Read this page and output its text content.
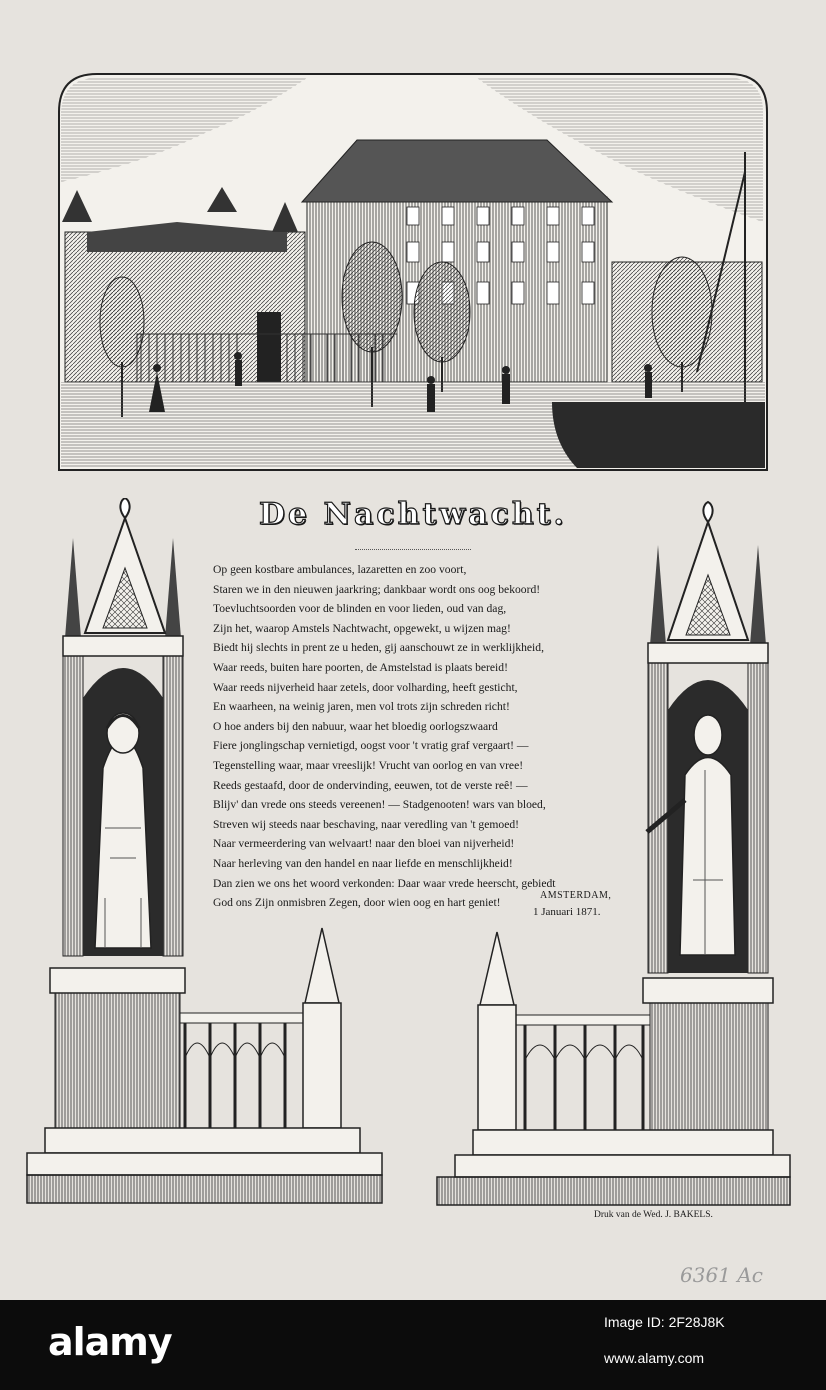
De Nachtwacht.
Op geen kostbare ambulances, lazaretten en zoo voort,
Staren we in den nieuwen jaarkring; dankbaar wordt ons oog bekoord!
Toevluchtsoorden voor de blinden en voor lieden, oud van dag,
Zijn het, waarop Amstels Nachtwacht, opgewekt, u wijzen mag!
Biedt hij slechts in prent ze u heden, gij aanschouwt ze in werklijkheid,
Waar reeds, buiten hare poorten, de Amstelstad is plaats bereid!
Waar reeds nijverheid haar zetels, door volharding, heeft gesticht,
En waarheen, na weinig jaren, men vol trots zijn schreden richt!
O hoe anders bij den nabuur, waar het bloedig oorlogszwaard
Fiere jonglingschap vernietigd, oogst voor 't vratig graf vergaart! —
Tegenstelling waar, maar vreeslijk! Vrucht van oorlog en van vree!
Reeds gestaafd, door de ondervinding, eeuwen, tot de verste reê! —
Blijv' dan vrede ons steeds vereenen! — Stadgenooten! wars van bloed,
Streven wij steeds naar beschaving, naar veredling van 't gemoed!
Naar vermeerdering van welvaart! naar den bloei van nijverheid!
Naar herleving van den handel en naar liefde en menschlijkheid!
Dan zien we ons het woord verkonden: Daar waar vrede heerscht, gebiedt
God ons Zijn onmisbren Zegen, door wien oog en hart geniet!
AMSTERDAM,
1 Januari 1871.
Druk van de Wed. J. BAKELS.
6361 Ac
alamy	Image ID: 2F28J8K
www.alamy.com
